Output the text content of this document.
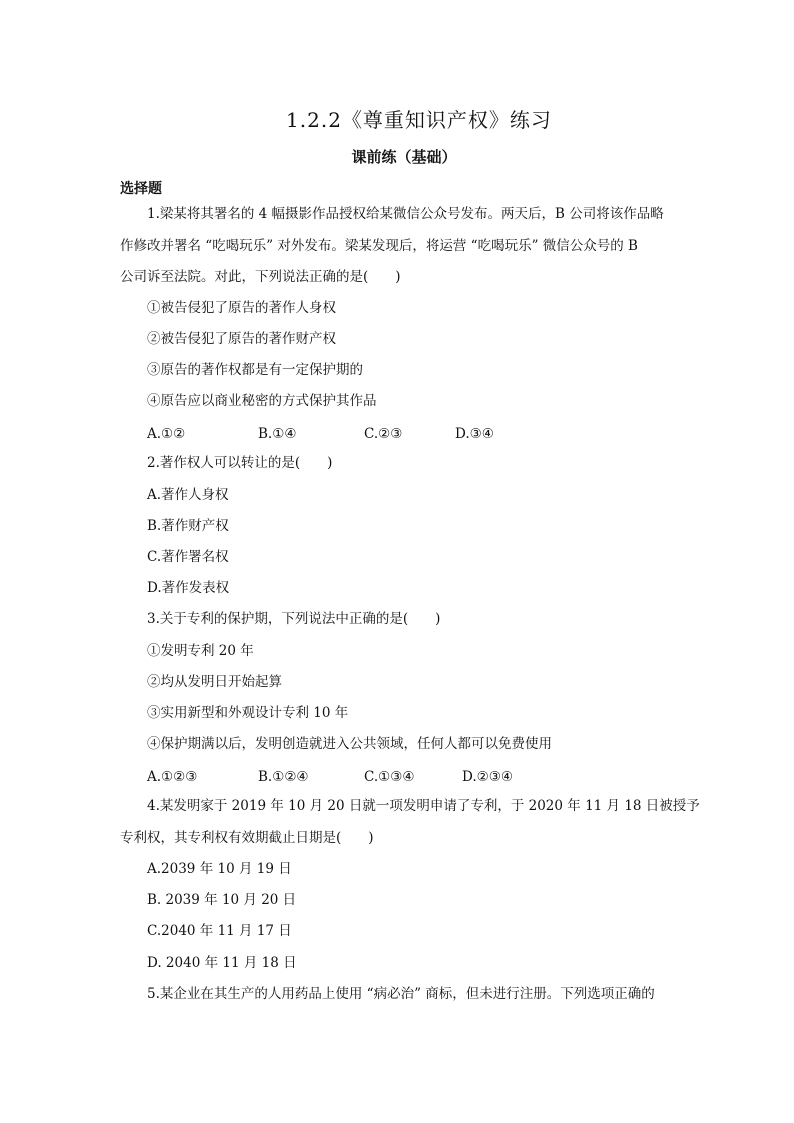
1.2.2《尊重知识产权》练习
课前练（基础）
选择题
1.梁某将其署名的 4 幅摄影作品授权给某微信公众号发布。两天后，B 公司将该作品略
作修改并署名 “吃喝玩乐” 对外发布。梁某发现后，将运营 “吃喝玩乐” 微信公众号的 B
公司诉至法院。对此，下列说法正确的是(　　)
①被告侵犯了原告的著作人身权
②被告侵犯了原告的著作财产权
③原告的著作权都是有一定保护期的
④原告应以商业秘密的方式保护其作品
A.①②	B.①④	C.②③	D.③④
2.著作权人可以转让的是(　　)
A.著作人身权
B.著作财产权
C.著作署名权
D.著作发表权
3.关于专利的保护期，下列说法中正确的是(　　)
①发明专利 20 年
②均从发明日开始起算
③实用新型和外观设计专利 10 年
④保护期满以后，发明创造就进入公共领域，任何人都可以免费使用
A.①②③	B.①②④	C.①③④	D.②③④
4.某发明家于 2019 年 10 月 20 日就一项发明申请了专利，于 2020 年 11 月 18 日被授予
专利权，其专利权有效期截止日期是(　　)
A.2039 年 10 月 19 日
B. 2039 年 10 月 20 日
C.2040 年 11 月 17 日
D. 2040 年 11 月 18 日
5.某企业在其生产的人用药品上使用 “病必治” 商标，但未进行注册。下列选项正确的
